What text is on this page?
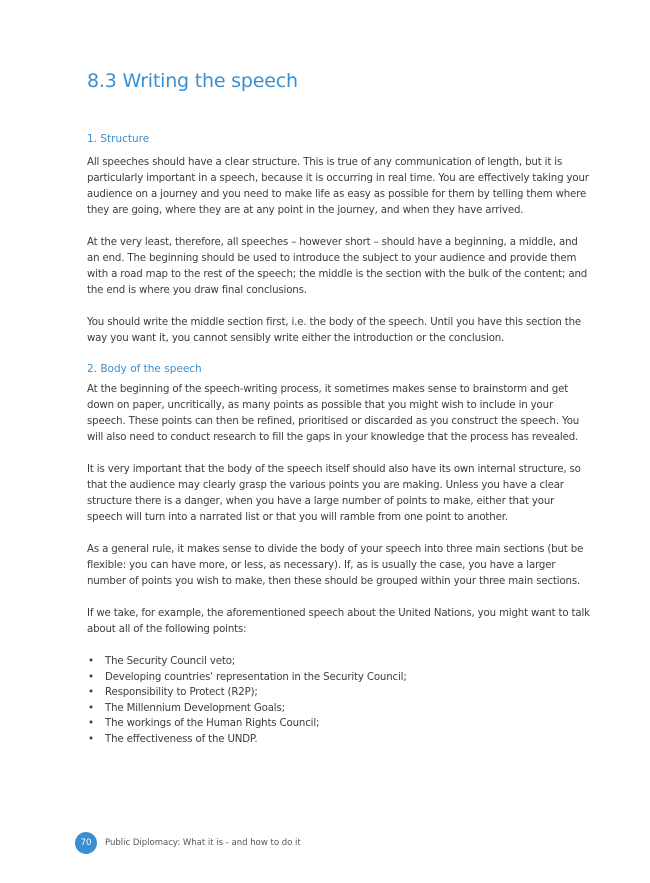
8.3 Writing the speech
1. Structure

All speeches should have a clear structure. This is true of any communication of length, but it is particularly important in a speech, because it is occurring in real time. You are effectively taking your audience on a journey and you need to make life as easy as possible for them by telling them where they are going, where they are at any point in the journey, and when they have arrived.

At the very least, therefore, all speeches – however short – should have a beginning, a middle, and an end. The beginning should be used to introduce the subject to your audience and provide them with a road map to the rest of the speech; the middle is the section with the bulk of the content; and the end is where you draw final conclusions.

You should write the middle section first, i.e. the body of the speech. Until you have this section the way you want it, you cannot sensibly write either the introduction or the conclusion.

2. Body of the speech

At the beginning of the speech-writing process, it sometimes makes sense to brainstorm and get down on paper, uncritically, as many points as possible that you might wish to include in your speech. These points can then be refined, prioritised or discarded as you construct the speech. You will also need to conduct research to fill the gaps in your knowledge that the process has revealed.

It is very important that the body of the speech itself should also have its own internal structure, so that the audience may clearly grasp the various points you are making. Unless you have a clear structure there is a danger, when you have a large number of points to make, either that your speech will turn into a narrated list or that you will ramble from one point to another.

As a general rule, it makes sense to divide the body of your speech into three main sections (but be flexible: you can have more, or less, as necessary). If, as is usually the case, you have a larger number of points you wish to make, then these should be grouped within your three main sections.

If we take, for example, the aforementioned speech about the United Nations, you might want to talk about all of the following points:

• The Security Council veto;
• Developing countries' representation in the Security Council;
• Responsibility to Protect (R2P);
• The Millennium Development Goals;
• The workings of the Human Rights Council;
• The effectiveness of the UNDP.
70	Public Diplomacy: What it is - and how to do it
